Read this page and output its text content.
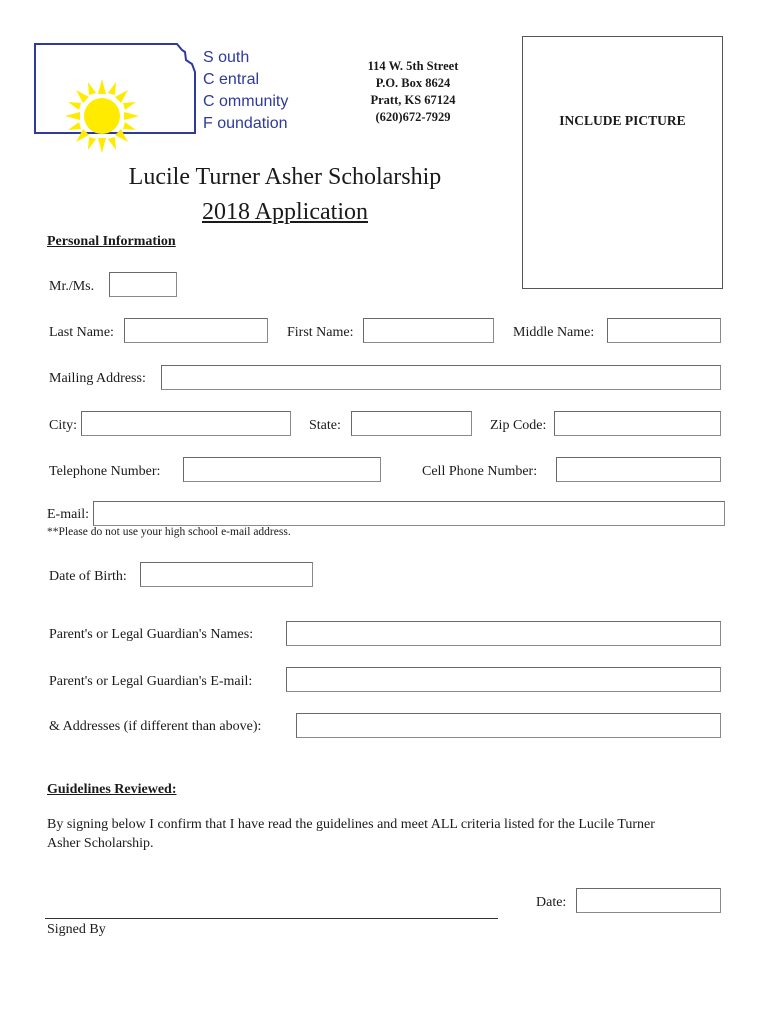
S outh
C entral
C ommunity
F oundation
114 W. 5th Street
P.O. Box 8624
Pratt, KS 67124
(620)672-7929	INCLUDE PICTURE
Lucile Turner Asher Scholarship
2018 Application
Personal Information
Mr./Ms.
Last Name:	First Name:	Middle Name:
Mailing Address:
City:	State:	Zip Code:
Telephone Number:	Cell Phone Number:
E-mail:
**Please do not use your high school e-mail address.
Date of Birth:
Parent's or Legal Guardian's Names:
Parent's or Legal Guardian's E-mail:
& Addresses (if different than above):
Guidelines Reviewed:
By signing below I confirm that I have read the guidelines and meet ALL criteria listed for the Lucile Turner
Asher Scholarship.
Date:
Signed By
